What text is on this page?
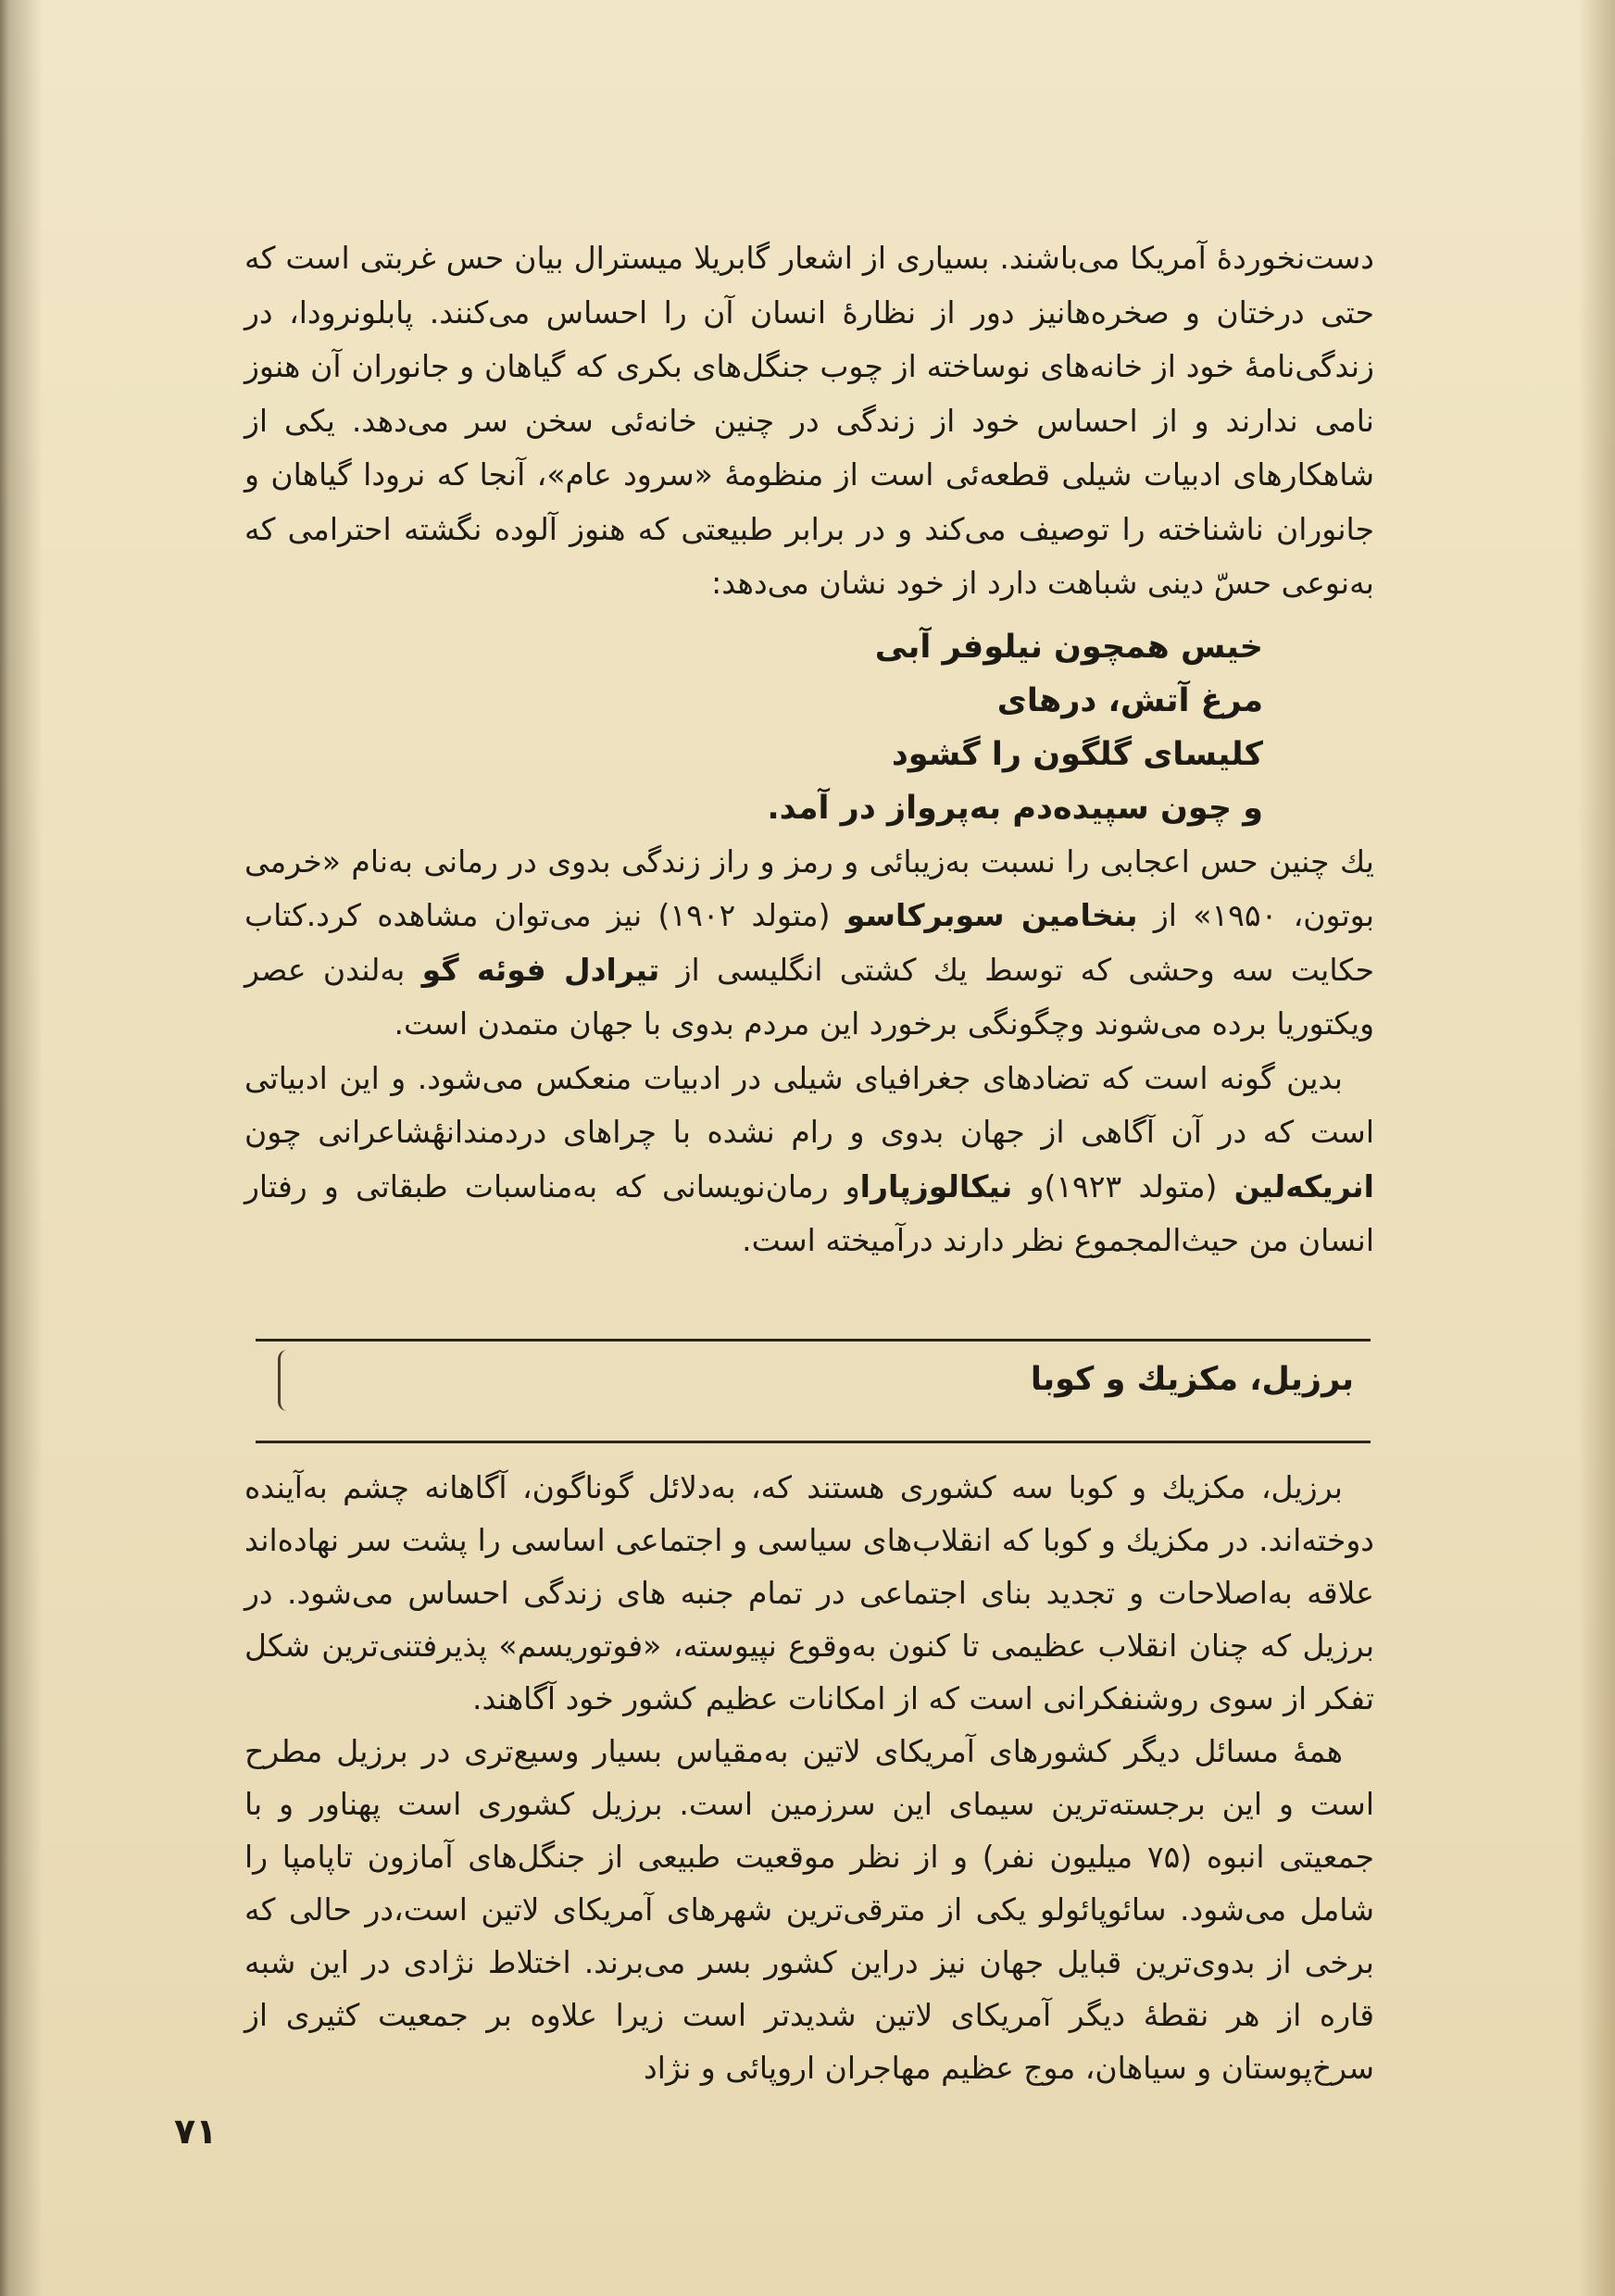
دست‌نخوردهٔ آمریکا می‌باشند. بسیاری از اشعار گابریلا میسترال بیان حس غربتی است که حتی درختان و صخره‌هانیز دور از نظارهٔ انسان آن را احساس می‌کنند. پابلونرودا، در زندگی‌نامهٔ خود از خانه‌های نوساخته از چوب جنگل‌های بکری که گیاهان و جانوران آن هنوز نامی ندارند و از احساس خود از زندگی در چنین خانه‌ئی سخن سر می‌دهد. یکی از شاهکارهای ادبیات شیلی قطعه‌ئی است از منظومهٔ «سرود عام»، آنجا که نرودا گیاهان و جانوران ناشناخته را توصیف می‌کند و در برابر طبیعتی که هنوز آلوده نگشته احترامی که به‌نوعی حسّ دینی شباهت دارد از خود نشان می‌دهد:

خیس همچون نیلوفر آبی
مرغ آتش، درهای
کلیسای گلگون را گشود
و چون سپیده‌دم به‌پرواز در آمد.

یك چنین حس اعجابی را نسبت به‌زیبائی و رمز و راز زندگی بدوی در رمانی به‌نام «خرمی بوتون، ۱۹۵۰» از بنخامین سوبرکاسو (متولد ۱۹۰۲) نیز می‌توان مشاهده کرد.کتاب حکایت سه وحشی که توسط یك کشتی انگلیسی از تیرادل فوئه گو به‌لندن عصر ویکتوریا برده می‌شوند وچگونگی برخورد این مردم بدوی با جهان متمدن است.

بدین گونه است که تضادهای جغرافیای شیلی در ادبیات منعکس می‌شود. و این ادبیاتی است که در آن آگاهی از جهان بدوی و رام نشده با چراهای دردمندانهٔشاعرانی چون انریکه‌لین (متولد ۱۹۲۳)و نیکالوزپاراو رمان‌نویسانی که به‌مناسبات طبقاتی و رفتار انسان من حیث‌المجموع نظر دارند درآمیخته است.

برزیل، مکزیك و کوبا

برزیل، مکزیك و کوبا سه کشوری هستند که، به‌دلائل گوناگون، آگاهانه چشم به‌آینده دوخته‌اند. در مکزیك و کوبا که انقلاب‌های سیاسی و اجتماعی اساسی را پشت سر نهاده‌اند علاقه به‌اصلاحات و تجدید بنای اجتماعی در تمام جنبه های زندگی احساس می‌شود. در برزیل که چنان انقلاب عظیمی تا کنون به‌وقوع نپیوسته، «فوتوریسم» پذیرفتنی‌ترین شکل تفکر از سوی روشنفکرانی است که از امکانات عظیم کشور خود آگاهند.

همهٔ مسائل دیگر کشورهای آمریکای لاتین به‌مقیاس بسیار وسیع‌تری در برزیل مطرح است و این برجسته‌ترین سیمای این سرزمین است. برزیل کشوری است پهناور و با جمعیتی انبوه (۷۵ میلیون نفر) و از نظر موقعیت طبیعی از جنگل‌های آمازون تاپامپا را شامل می‌شود. سائوپائولو یکی از مترقی‌ترین شهرهای آمریکای لاتین است،در حالی که برخی از بدوی‌ترین قبایل جهان نیز دراین کشور بسر می‌برند. اختلاط نژادی در این شبه قاره از هر نقطهٔ دیگر آمریکای لاتین شدیدتر است زیرا علاوه بر جمعیت کثیری از سرخ‌پوستان و سیاهان، موج عظیم مهاجران اروپائی و نژاد

۷۱
